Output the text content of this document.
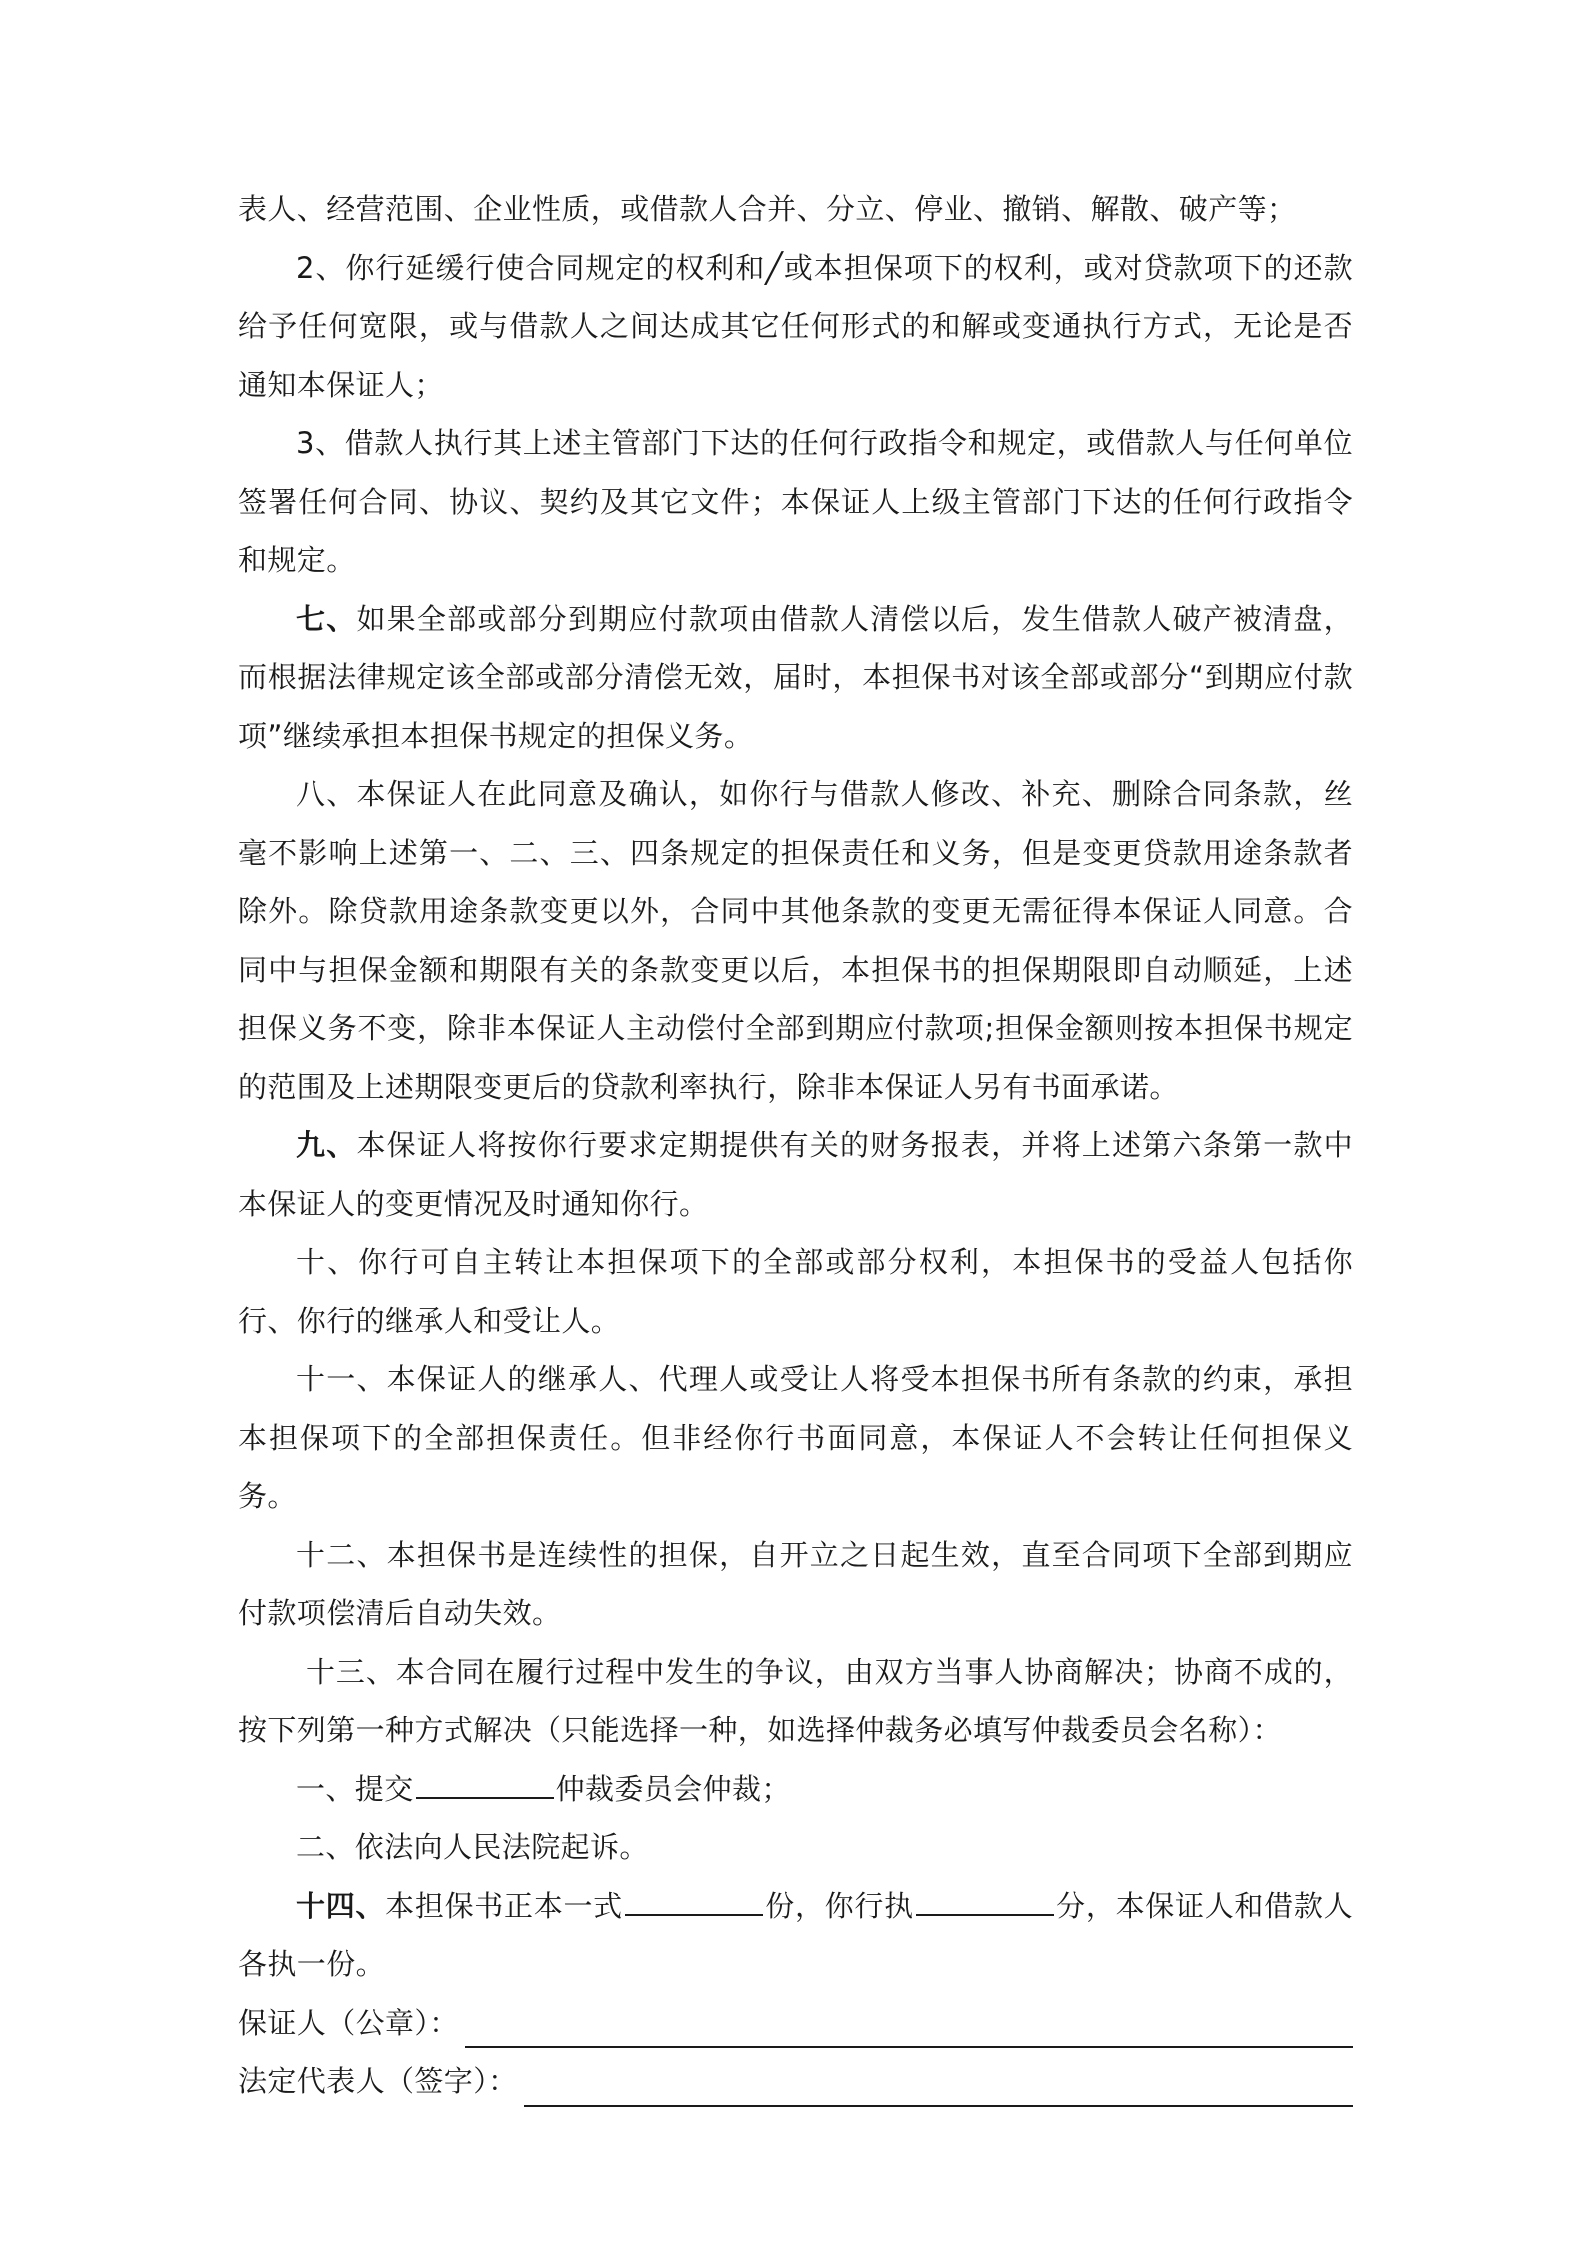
表人、经营范围、企业性质，或借款人合并、分立、停业、撤销、解散、破产等；

2、你行延缓行使合同规定的权利和╱或本担保项下的权利，或对贷款项下的还款给予任何宽限，或与借款人之间达成其它任何形式的和解或变通执行方式，无论是否通知本保证人；

3、借款人执行其上述主管部门下达的任何行政指令和规定，或借款人与任何单位签署任何合同、协议、契约及其它文件；本保证人上级主管部门下达的任何行政指令和规定。

七、如果全部或部分到期应付款项由借款人清偿以后，发生借款人破产被清盘，而根据法律规定该全部或部分清偿无效，届时，本担保书对该全部或部分“到期应付款项”继续承担本担保书规定的担保义务。

八、本保证人在此同意及确认，如你行与借款人修改、补充、删除合同条款，丝毫不影响上述第一、二、三、四条规定的担保责任和义务，但是变更贷款用途条款者除外。除贷款用途条款变更以外，合同中其他条款的变更无需征得本保证人同意。合同中与担保金额和期限有关的条款变更以后，本担保书的担保期限即自动顺延，上述担保义务不变，除非本保证人主动偿付全部到期应付款项;担保金额则按本担保书规定的范围及上述期限变更后的贷款利率执行，除非本保证人另有书面承诺。

九、本保证人将按你行要求定期提供有关的财务报表，并将上述第六条第一款中本保证人的变更情况及时通知你行。

十、你行可自主转让本担保项下的全部或部分权利，本担保书的受益人包括你行、你行的继承人和受让人。

十一、本保证人的继承人、代理人或受让人将受本担保书所有条款的约束，承担本担保项下的全部担保责任。但非经你行书面同意，本保证人不会转让任何担保义务。

十二、本担保书是连续性的担保，自开立之日起生效，直至合同项下全部到期应付款项偿清后自动失效。

十三、本合同在履行过程中发生的争议，由双方当事人协商解决；协商不成的，按下列第一种方式解决（只能选择一种，如选择仲裁务必填写仲裁委员会名称）：

一、提交	仲裁委员会仲裁；

二、依法向人民法院起诉。

十四、本担保书正本一式	份，你行执	分，本保证人和借款人各执一份。

保证人（公章）：
法定代表人（签字）：
